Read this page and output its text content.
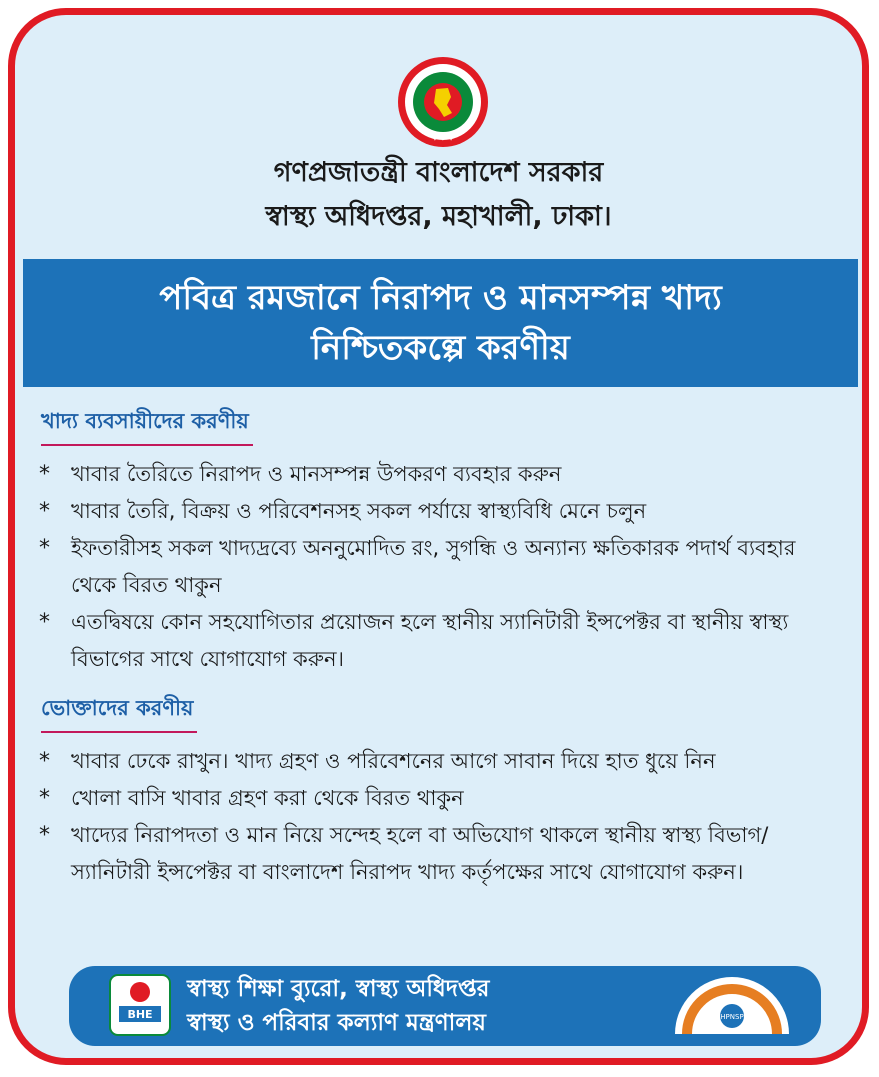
✦ ✦ ✦
গণপ্রজাতন্ত্রী বাংলাদেশ সরকার
স্বাস্থ্য অধিদপ্তর, মহাখালী, ঢাকা।
পবিত্র রমজানে নিরাপদ ও মানসম্পন্ন খাদ্য
নিশ্চিতকল্পে করণীয়
খাদ্য ব্যবসায়ীদের করণীয়
* খাবার তৈরিতে নিরাপদ ও মানসম্পন্ন উপকরণ ব্যবহার করুন
* খাবার তৈরি, বিক্রয় ও পরিবেশনসহ সকল পর্যায়ে স্বাস্থ্যবিধি মেনে চলুন
* ইফতারীসহ সকল খাদ্যদ্রব্যে অননুমোদিত রং, সুগন্ধি ও অন্যান্য ক্ষতিকারক পদার্থ ব্যবহার থেকে বিরত থাকুন
* এতদ্বিষয়ে কোন সহযোগিতার প্রয়োজন হলে স্থানীয় স্যানিটারী ইন্সপেক্টর বা স্থানীয় স্বাস্থ্য বিভাগের সাথে যোগাযোগ করুন।
ভোক্তাদের করণীয়
* খাবার ঢেকে রাখুন। খাদ্য গ্রহণ ও পরিবেশনের আগে সাবান দিয়ে হাত ধুয়ে নিন
* খোলা বাসি খাবার গ্রহণ করা থেকে বিরত থাকুন
* খাদ্যের নিরাপদতা ও মান নিয়ে সন্দেহ হলে বা অভিযোগ থাকলে স্থানীয় স্বাস্থ্য বিভাগ/স্যানিটারী ইন্সপেক্টর বা বাংলাদেশ নিরাপদ খাদ্য কর্তৃপক্ষের সাথে যোগাযোগ করুন।
BHE
স্বাস্থ্য শিক্ষা ব্যুরো, স্বাস্থ্য অধিদপ্তর
স্বাস্থ্য ও পরিবার কল্যাণ মন্ত্রণালয়	HPNSP
